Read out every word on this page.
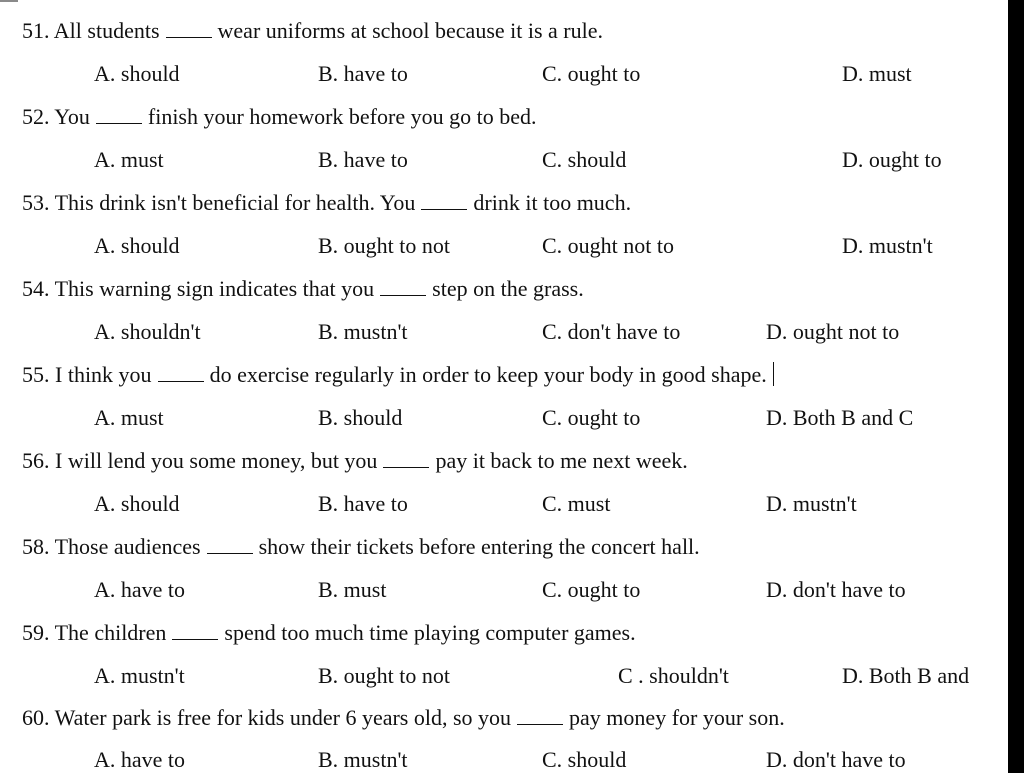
51. All students	wear uniforms at school because it is a rule.
A. should	B. have to	C. ought to	D. must
52. You	finish your homework before you go to bed.
A. must	B. have to	C. should	D. ought to
53. This drink isn't beneficial for health. You	drink it too much.
A. should	B. ought to not	C. ought not to	D. mustn't
54. This warning sign indicates that you	step on the grass.
A. shouldn't	B. mustn't	C. don't have to	D. ought not to
55. I think you	do exercise regularly in order to keep your body in good shape.
A. must	B. should	C. ought to	D. Both B and C
56. I will lend you some money, but you	pay it back to me next week.
A. should	B. have to	C. must	D. mustn't
58. Those audiences	show their tickets before entering the concert hall.
A. have to	B. must	C. ought to	D. don't have to
59. The children	spend too much time playing computer games.
A. mustn't	B. ought to not	C . shouldn't	D. Both B and
60. Water park is free for kids under 6 years old, so you	pay money for your son.
A. have to	B. mustn't	C. should	D. don't have to
